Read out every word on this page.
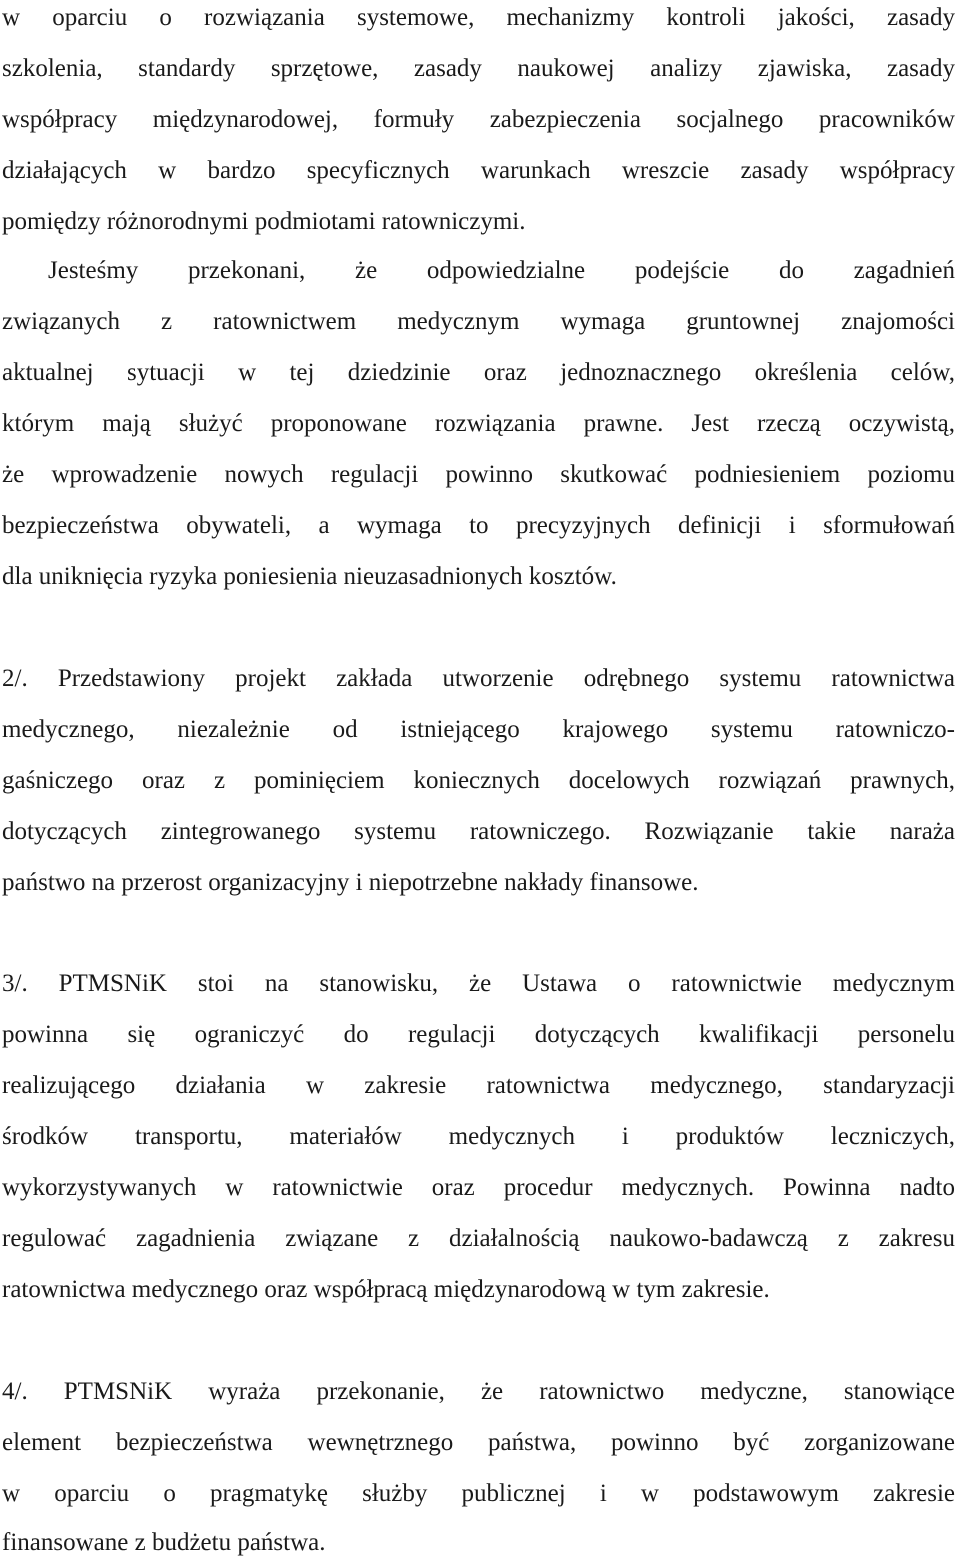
w oparciu o rozwiązania systemowe, mechanizmy kontroli jakości, zasady
szkolenia, standardy sprzętowe, zasady naukowej analizy zjawiska, zasady
współpracy międzynarodowej, formuły zabezpieczenia socjalnego pracowników
działających w bardzo specyficznych warunkach wreszcie zasady współpracy
pomiędzy różnorodnymi podmiotami ratowniczymi.
Jesteśmy przekonani, że odpowiedzialne podejście do zagadnień
związanych z ratownictwem medycznym wymaga gruntownej znajomości
aktualnej sytuacji w tej dziedzinie oraz jednoznacznego określenia celów,
którym mają służyć proponowane rozwiązania prawne. Jest rzeczą oczywistą,
że wprowadzenie nowych regulacji powinno skutkować podniesieniem poziomu
bezpieczeństwa obywateli, a wymaga to precyzyjnych definicji i sformułowań
dla uniknięcia ryzyka poniesienia nieuzasadnionych kosztów.
2/. Przedstawiony projekt zakłada utworzenie odrębnego systemu ratownictwa
medycznego, niezależnie od istniejącego krajowego systemu ratowniczo-
gaśniczego oraz z pominięciem koniecznych docelowych rozwiązań prawnych,
dotyczących zintegrowanego systemu ratowniczego. Rozwiązanie takie naraża
państwo na przerost organizacyjny i niepotrzebne nakłady finansowe.
3/. PTMSNiK stoi na stanowisku, że Ustawa o ratownictwie medycznym
powinna się ograniczyć do regulacji dotyczących kwalifikacji personelu
realizującego działania w zakresie ratownictwa medycznego, standaryzacji
środków transportu, materiałów medycznych i produktów leczniczych,
wykorzystywanych w ratownictwie oraz procedur medycznych. Powinna nadto
regulować zagadnienia związane z działalnością naukowo-badawczą z zakresu
ratownictwa medycznego oraz współpracą międzynarodową w tym zakresie.
4/. PTMSNiK wyraża przekonanie, że ratownictwo medyczne, stanowiące
element bezpieczeństwa wewnętrznego państwa, powinno być zorganizowane
w oparciu o pragmatykę służby publicznej i w podstawowym zakresie
finansowane z budżetu państwa.
